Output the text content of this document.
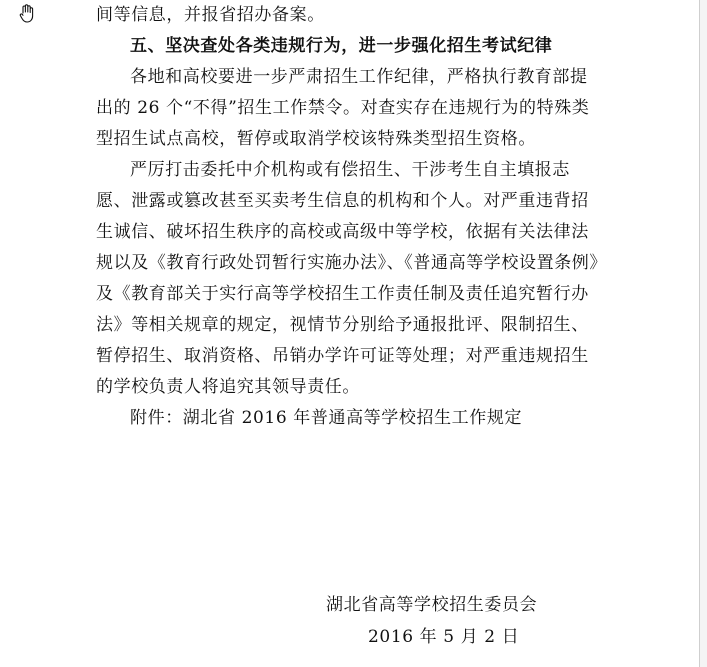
间等信息，并报省招办备案。
五、坚决查处各类违规行为，进一步强化招生考试纪律
各地和高校要进一步严肃招生工作纪律，严格执行教育部提
出的 26 个“不得”招生工作禁令。对查实存在违规行为的特殊类
型招生试点高校，暂停或取消学校该特殊类型招生资格。
严厉打击委托中介机构或有偿招生、干涉考生自主填报志
愿、泄露或篡改甚至买卖考生信息的机构和个人。对严重违背招
生诚信、破坏招生秩序的高校或高级中等学校，依据有关法律法
规以及《教育行政处罚暂行实施办法》、《普通高等学校设置条例》
及《教育部关于实行高等学校招生工作责任制及责任追究暂行办
法》等相关规章的规定，视情节分别给予通报批评、限制招生、
暂停招生、取消资格、吊销办学许可证等处理；对严重违规招生
的学校负责人将追究其领导责任。
附件：湖北省 2016 年普通高等学校招生工作规定
湖北省高等学校招生委员会
2016 年 5 月 2 日
